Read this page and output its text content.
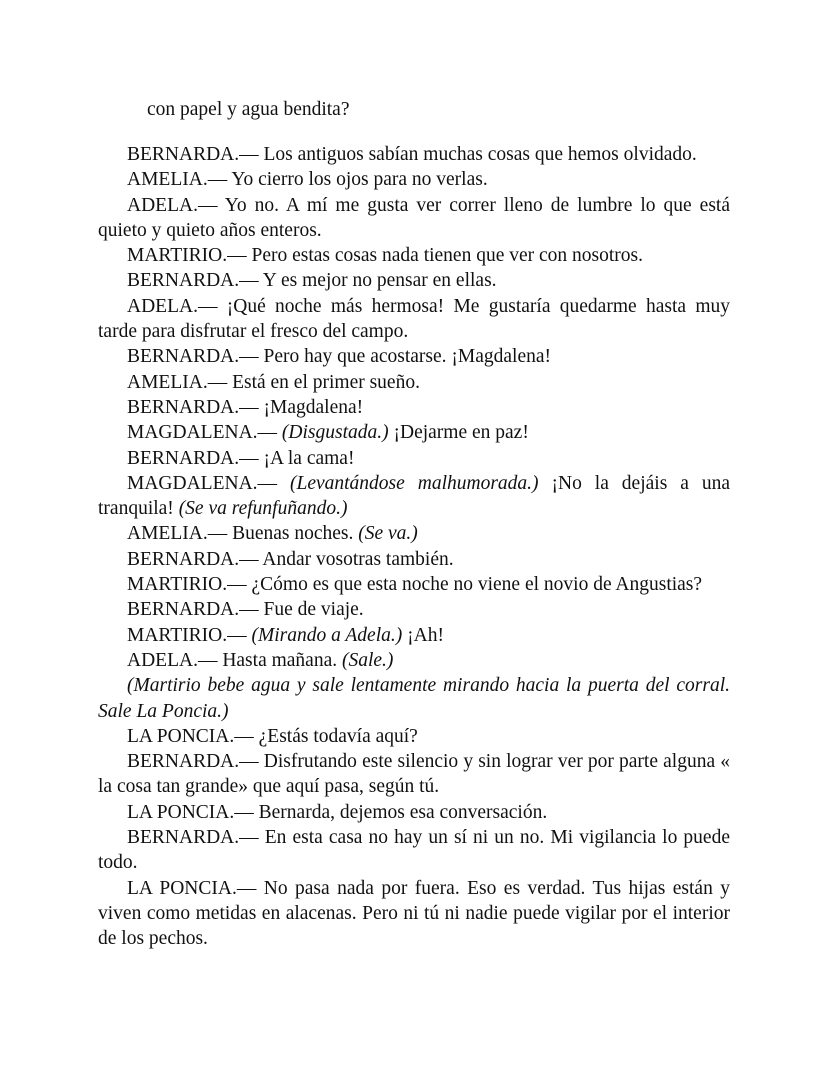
con papel y agua bendita?
BERNARDA.— Los antiguos sabían muchas cosas que hemos olvidado.
AMELIA.— Yo cierro los ojos para no verlas.
ADELA.— Yo no. A mí me gusta ver correr lleno de lumbre lo que está
quieto y quieto años enteros.
MARTIRIO.— Pero estas cosas nada tienen que ver con nosotros.
BERNARDA.— Y es mejor no pensar en ellas.
ADELA.— ¡Qué noche más hermosa! Me gustaría quedarme hasta muy
tarde para disfrutar el fresco del campo.
BERNARDA.— Pero hay que acostarse. ¡Magdalena!
AMELIA.— Está en el primer sueño.
BERNARDA.— ¡Magdalena!
MAGDALENA.— (Disgustada.) ¡Dejarme en paz!
BERNARDA.— ¡A la cama!
MAGDALENA.— (Levantándose malhumorada.) ¡No la dejáis a una
tranquila! (Se va refunfuñando.)
AMELIA.— Buenas noches. (Se va.)
BERNARDA.— Andar vosotras también.
MARTIRIO.— ¿Cómo es que esta noche no viene el novio de Angustias?
BERNARDA.— Fue de viaje.
MARTIRIO.— (Mirando a Adela.) ¡Ah!
ADELA.— Hasta mañana. (Sale.)
(Martirio bebe agua y sale lentamente mirando hacia la puerta del corral.
Sale La Poncia.)
LA PONCIA.— ¿Estás todavía aquí?
BERNARDA.— Disfrutando este silencio y sin lograr ver por parte alguna «
la cosa tan grande» que aquí pasa, según tú.
LA PONCIA.— Bernarda, dejemos esa conversación.
BERNARDA.— En esta casa no hay un sí ni un no. Mi vigilancia lo puede
todo.
LA PONCIA.— No pasa nada por fuera. Eso es verdad. Tus hijas están y
viven como metidas en alacenas. Pero ni tú ni nadie puede vigilar por el interior
de los pechos.
